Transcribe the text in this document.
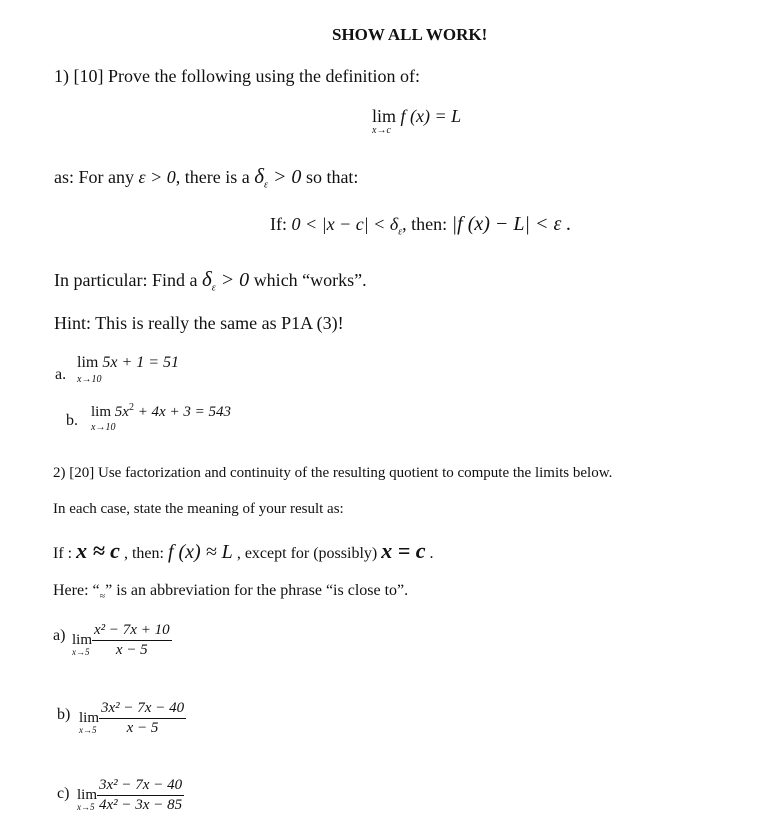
SHOW ALL WORK!
1) [10] Prove the following using the definition of:
lim
x→c
f (x) = L
as: For any ε > 0, there is a $\delta_\varepsilon > 0$ so that:
If: $0 < |x - c| < \delta_\varepsilon$, then: |f (x) − L| < ε .
In particular: Find a $\delta_\varepsilon > 0$ which “works”.
Hint: This is really the same as P1A (3)!
a.
lim
x→10
5x + 1 = 51
b. lim
x→10
$5x^2 + 4x + 3 = 543$
2) [20] Use factorization and continuity of the resulting quotient to compute the limits below.
In each case, state the meaning of your result as:
If : x ≈ c , then: f (x) ≈ L , except for (possibly) x = c .
Here: “$_\approx$” is an abbreviation for the phrase “is close to”.
a) lim
$x\to 5 \frac{\text{x² − 7x + 10}}{x - 5}$
b) lim
$x\to 5 \frac{\text{3x² − 7x − 40}}{x - 5}$
c) lim
$x\to 5 \frac{\text{3x² − 7x − 40}}{\text{4x² − 3x − 85}}$
